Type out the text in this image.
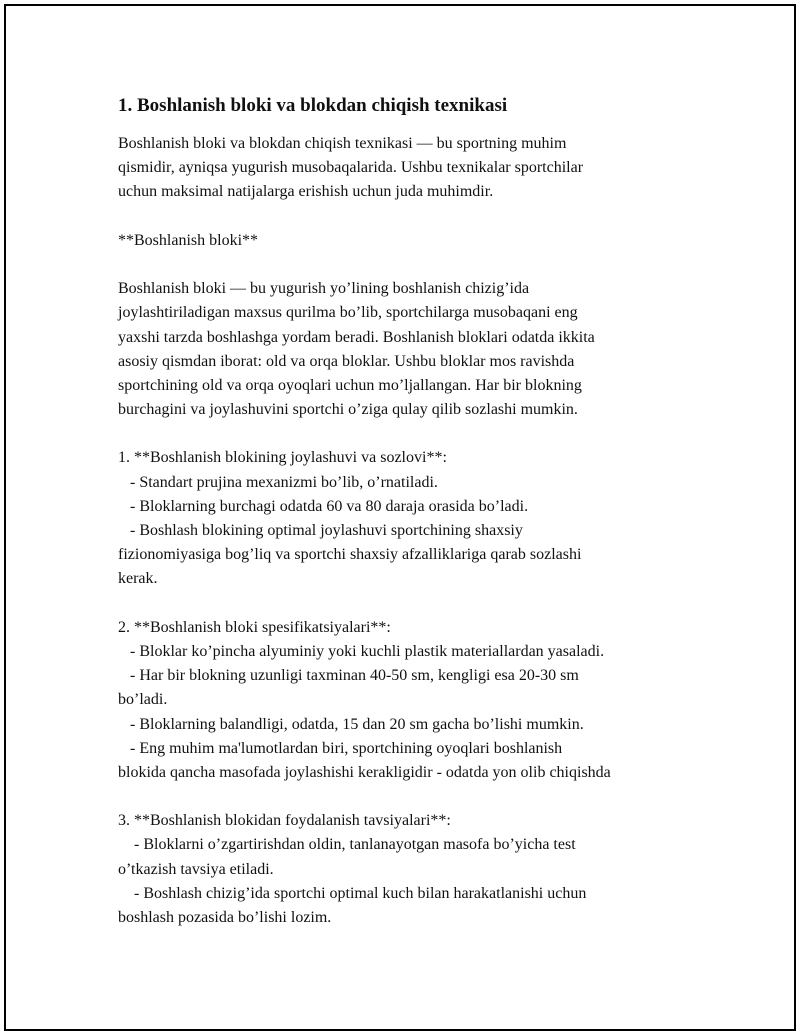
1. Boshlanish bloki va blokdan chiqish texnikasi
Boshlanish bloki va blokdan chiqish texnikasi — bu sportning muhim
qismidir, ayniqsa yugurish musobaqalarida. Ushbu texnikalar sportchilar
uchun maksimal natijalarga erishish uchun juda muhimdir.
**Boshlanish bloki**
Boshlanish bloki — bu yugurish yo’lining boshlanish chizig’ida
joylashtiriladigan maxsus qurilma bo’lib, sportchilarga musobaqani eng
yaxshi tarzda boshlashga yordam beradi. Boshlanish bloklari odatda ikkita
asosiy qismdan iborat: old va orqa bloklar. Ushbu bloklar mos ravishda
sportchining old va orqa oyoqlari uchun mo’ljallangan. Har bir blokning
burchagini va joylashuvini sportchi o’ziga qulay qilib sozlashi mumkin.
1. **Boshlanish blokining joylashuvi va sozlovi**:
- Standart prujina mexanizmi bo’lib, o’rnatiladi.
- Bloklarning burchagi odatda 60 va 80 daraja orasida bo’ladi.
- Boshlash blokining optimal joylashuvi sportchining shaxsiy
fizionomiyasiga bog’liq va sportchi shaxsiy afzalliklariga qarab sozlashi
kerak.
2. **Boshlanish bloki spesifikatsiyalari**:
- Bloklar ko’pincha alyuminiy yoki kuchli plastik materiallardan yasaladi.
- Har bir blokning uzunligi taxminan 40-50 sm, kengligi esa 20-30 sm
bo’ladi.
- Bloklarning balandligi, odatda, 15 dan 20 sm gacha bo’lishi mumkin.
- Eng muhim ma'lumotlardan biri, sportchining oyoqlari boshlanish
blokida qancha masofada joylashishi kerakligidir - odatda yon olib chiqishda
3. **Boshlanish blokidan foydalanish tavsiyalari**:
- Bloklarni o’zgartirishdan oldin, tanlanayotgan masofa bo’yicha test
o’tkazish tavsiya etiladi.
- Boshlash chizig’ida sportchi optimal kuch bilan harakatlanishi uchun
boshlash pozasida bo’lishi lozim.
